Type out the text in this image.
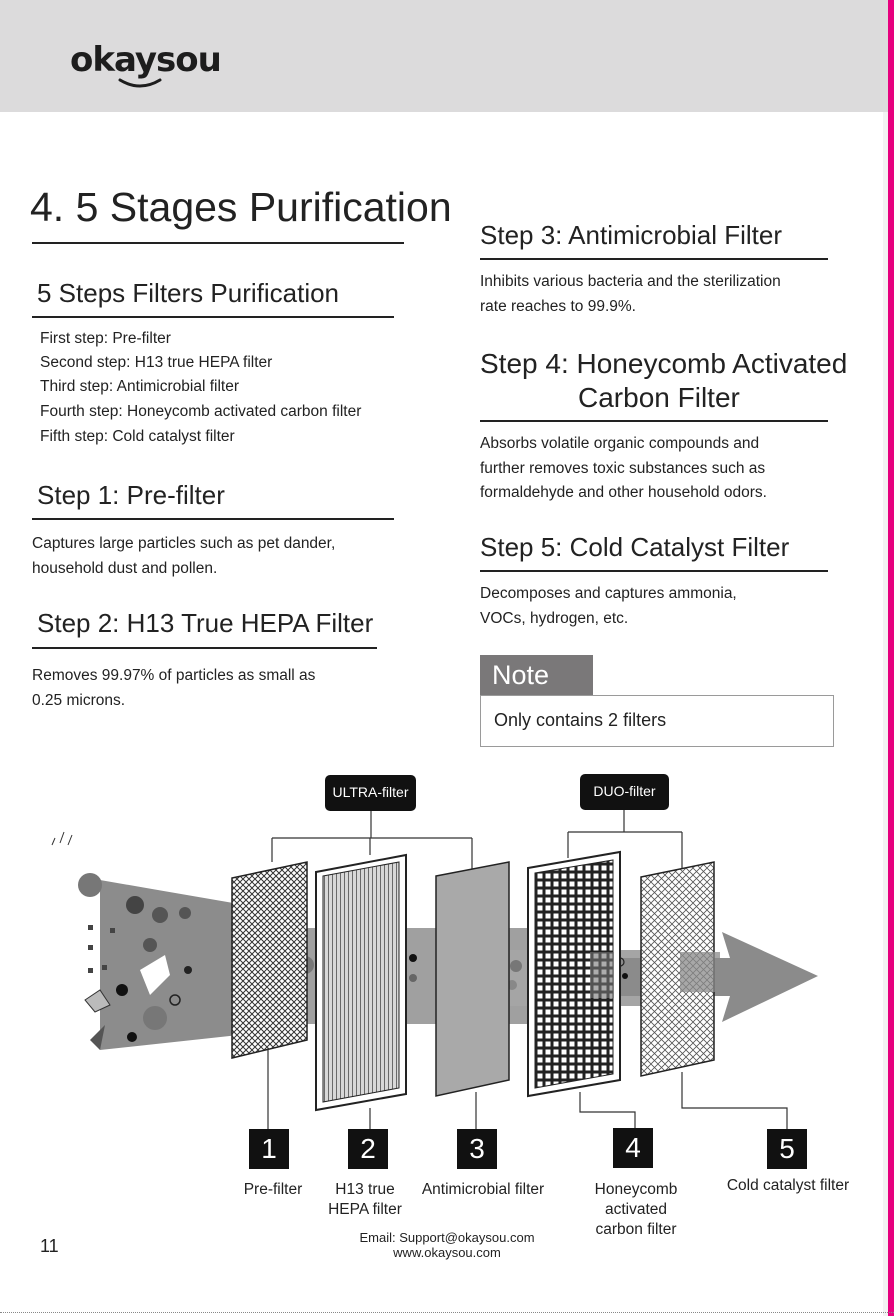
okaysou
4. 5 Stages Purification
5 Steps Filters Purification
First step: Pre-filter
Second step: H13 true HEPA filter
Third step: Antimicrobial filter
Fourth step: Honeycomb activated carbon filter
Fifth step: Cold catalyst filter
Step 1: Pre-filter
Captures large particles such as pet dander,
household dust and pollen.
Step 2: H13 True HEPA Filter
Removes 99.97% of particles as small as
0.25 microns.
Step 3: Antimicrobial Filter
Inhibits various bacteria and the sterilization
rate reaches to 99.9%.
Step 4: Honeycomb Activated
Carbon Filter
Absorbs volatile organic compounds and
further removes toxic substances such as
formaldehyde and other household odors.
Step 5: Cold Catalyst Filter
Decomposes and captures ammonia,
VOCs, hydrogen, etc.
Note
Only contains 2 filters
ULTRA-filter	DUO-filter
1	2	3	4	5
Pre-filter	H13 true
HEPA filter
Antimicrobial filter	Honeycomb
activated
carbon filter
Cold catalyst filter
11	Email: Support@okaysou.com
www.okaysou.com
